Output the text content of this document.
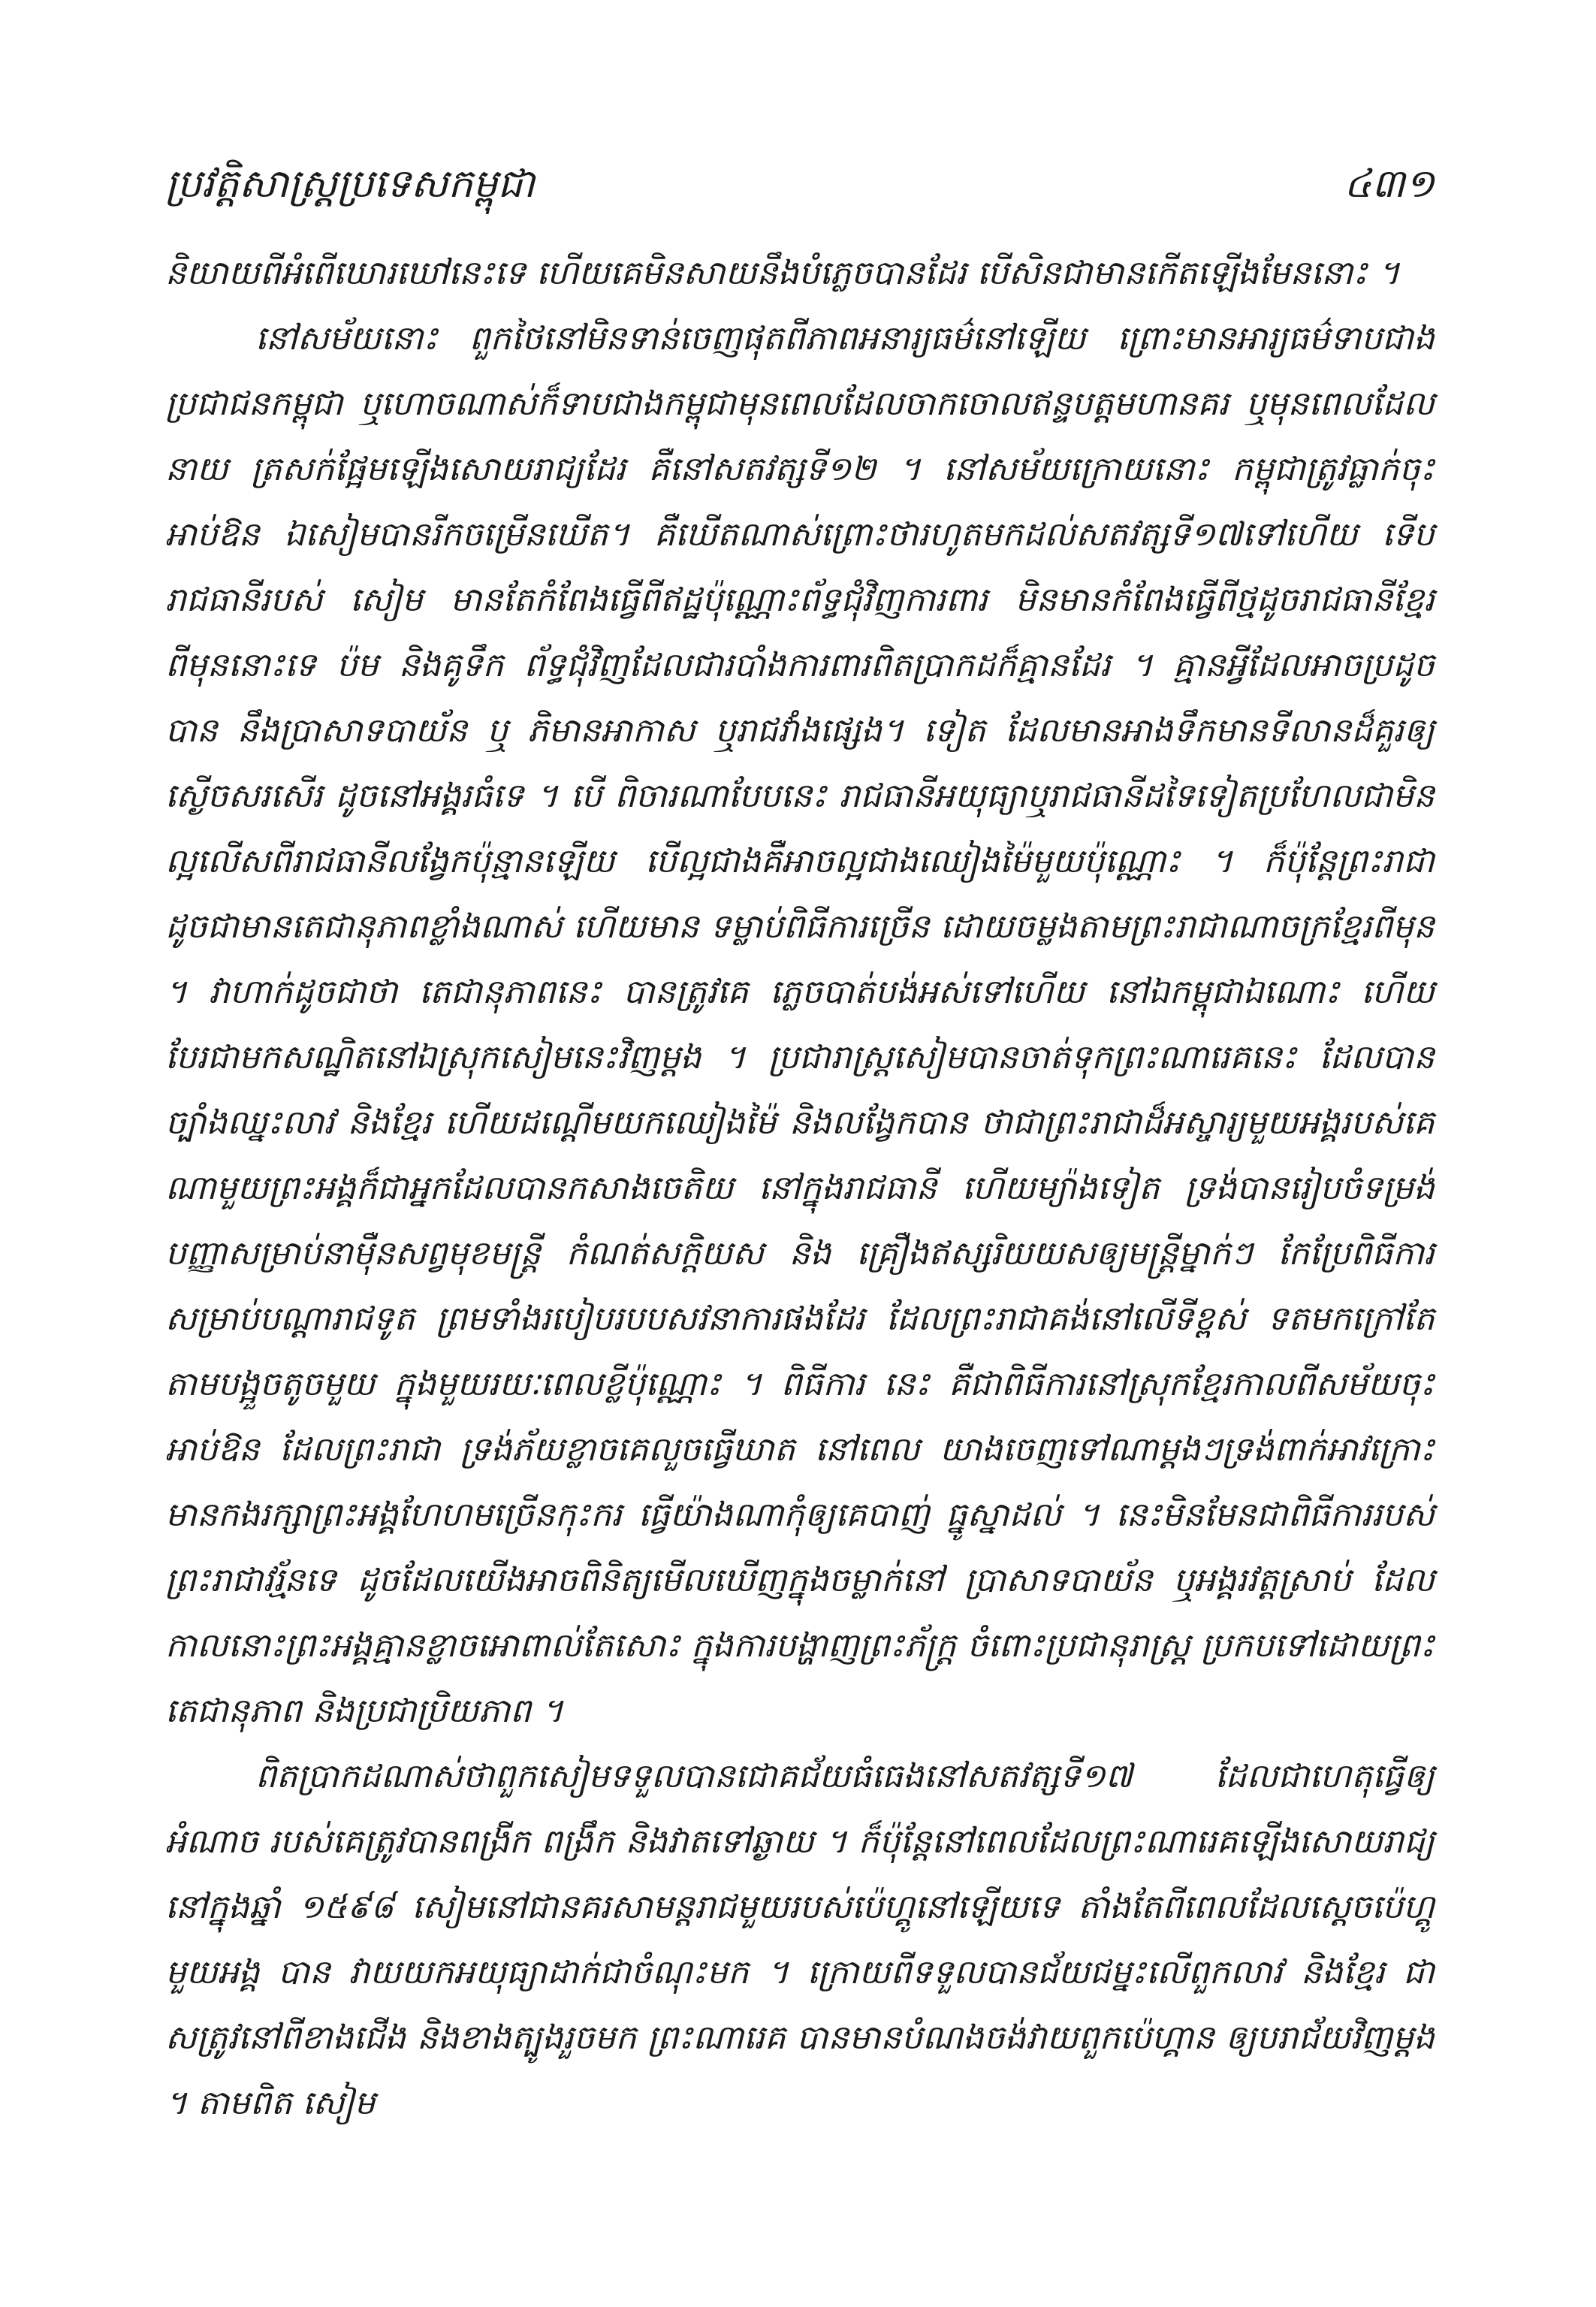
ប្រវត្តិសាស្ត្រប្រទេសកម្ពុជា	៤៣១

និយាយពីអំពើឃោរឃៅនេះទេ ហើយគេមិនសាយនឹងបំភ្លេចបានដែរ បើសិនជាមានកើតឡើងមែននោះ ។

នៅសម័យនោះ ពួកថៃនៅមិនទាន់ចេញផុតពីភាពអនារ្យធម៌នៅឡើយ ព្រោះមានអារ្យធម៌ទាបជាង ប្រជាជនកម្ពុជា ឬហោចណាស់ក៏ទាបជាងកម្ពុជាមុនពេលដែលចាកចោលឥន្ទបត្តមហានគរ ឬមុនពេលដែលនាយ ត្រសក់ផ្អែមឡើងសោយរាជ្យដែរ គឺនៅសតវត្សទី១២ ។ នៅសម័យក្រោយនោះ កម្ពុជាត្រូវធ្លាក់ចុះអាប់ឱន ឯសៀមបានរីកចម្រើនឃើត។ គឺឃើតណាស់ព្រោះថារហូតមកដល់សតវត្សទី១៧ទៅហើយ ទើបរាជធានីរបស់ សៀម មានតែកំពែងធ្វើពីឥដ្ឋប៉ុណ្ណោះព័ទ្ធជុំវិញការពារ មិនមានកំពែងធ្វើពីថ្មដូចរាជធានីខ្មែរពីមុននោះទេ ប៉ម និងគូទឹក ព័ទ្ធជុំវិញដែលជារបាំងការពារពិតប្រាកដក៏គ្មានដែរ ។ គ្មានអ្វីដែលអាចប្រដូចបាន នឹងប្រាសាទបាយ័ន ឬ ភិមានអាកាស ឬរាជវាំងផ្សេង។ ទៀត ដែលមានអាងទឹកមានទីលានដ៏គួរឲ្យស្ងើចសរសើរ ដូចនៅអង្គរធំទេ ។ បើ ពិចារណាបែបនេះ រាជធានីអយុធ្យាឬរាជធានីដទៃទៀតប្រហែលជាមិនល្អលើសពីរាជធានីលង្វែកប៉ុន្មានឡើយ បើល្អជាងគឺអាចល្អជាងឈៀងម៉ៃមួយប៉ុណ្ណោះ ។ ក៏ប៉ុន្តែព្រះរាជាដូចជាមានតេជានុភាពខ្លាំងណាស់ ហើយមាន ទម្លាប់ពិធីការច្រើន ដោយចម្លងតាមព្រះរាជាណាចក្រខ្មែរពីមុន ។ វាហាក់ដូចជាថា តេជានុភាពនេះ បានត្រូវគេ ភ្លេចបាត់បង់អស់ទៅហើយ នៅឯកម្ពុជាឯណោះ ហើយបែរជាមកសណ្ឋិតនៅឯស្រុកសៀមនេះវិញម្តង ។ ប្រជារាស្ត្រសៀមបានចាត់ទុកព្រះណារេគនេះ ដែលបានច្បាំងឈ្នះលាវ និងខ្មែរ ហើយដណ្តើមយកឈៀងម៉ៃ និងលង្វែកបាន ថាជាព្រះរាជាដ៏អស្ចារ្យមួយអង្គរបស់គេ ណាមួយព្រះអង្គក៏ជាអ្នកដែលបានកសាងចេតិយ នៅក្នុងរាជធានី ហើយម្យ៉ាងទៀត ទ្រង់បានរៀបចំទម្រង់បញ្ញាសម្រាប់នាម៉ឺនសព្វមុខមន្ត្រី កំណត់សក្តិយស និង គ្រឿងឥស្សរិយយសឲ្យមន្ត្រីម្នាក់ៗ កែប្រែពិធីការសម្រាប់បណ្តារាជទូត ព្រមទាំងរបៀបរបបសវនាការផងដែរ ដែលព្រះរាជាគង់នៅលើទីខ្ពស់ ទតមកក្រៅតែតាមបង្អួចតូចមួយ ក្នុងមួយរយៈពេលខ្លីប៉ុណ្ណោះ ។ ពិធីការ នេះ គឺជាពិធីការនៅស្រុកខ្មែរកាលពីសម័យចុះអាប់ឱន ដែលព្រះរាជា ទ្រង់ភ័យខ្លាចគេលួចធ្វើឃាត នៅពេល យាងចេញទៅណាម្តងៗទ្រង់ពាក់អាវក្រោះ មានកងរក្សាព្រះអង្គហែហមច្រើនកុះករ ធ្វើយ៉ាងណាកុំឲ្យគេបាញ់ ធ្នូស្នាដល់ ។ នេះមិនមែនជាពិធីការរបស់ព្រះរាជាវរ្ម័នទេ ដូចដែលយើងអាចពិនិត្យមើលឃើញក្នុងចម្លាក់នៅ ប្រាសាទបាយ័ន ឬអង្គរវត្តស្រាប់ ដែលកាលនោះព្រះអង្គគ្មានខ្លាចអោពាល់តែសោះ ក្នុងការបង្ហាញព្រះភ័ក្ត្រ ចំពោះប្រជានុរាស្ត្រ ប្រកបទៅដោយព្រះតេជានុភាព និងប្រជាប្រិយភាព ។

ពិតប្រាកដណាស់ថាពួកសៀមទទួលបានជោគជ័យធំធេងនៅសតវត្សទី១៧ ដែលជាហេតុធ្វើឲ្យអំណាច របស់គេត្រូវបានពង្រីក ពង្រឹក និងវាតទៅឆ្ងាយ ។ ក៏ប៉ុន្តែនៅពេលដែលព្រះណារេគឡើងសោយរាជ្យ នៅក្នុងឆ្នាំ ១៥៩៨ សៀមនៅជានគរសាមន្តរាជមួយរបស់ប៉េហ្គូនៅឡើយទេ តាំងតែពីពេលដែលស្តេចប៉េហ្គូមួយអង្គ បាន វាយយកអយុធ្យាដាក់ជាចំណុះមក ។ ក្រោយពីទទួលបានជ័យជម្នះលើពួកលាវ និងខ្មែរ ជាសត្រូវនៅពីខាងជើង និងខាងត្បូងរួចមក ព្រះណារេគ បានមានបំណងចង់វាយពួកប៉េហ្គាន ឲ្យបរាជ័យវិញម្តង ។ តាមពិត សៀម
